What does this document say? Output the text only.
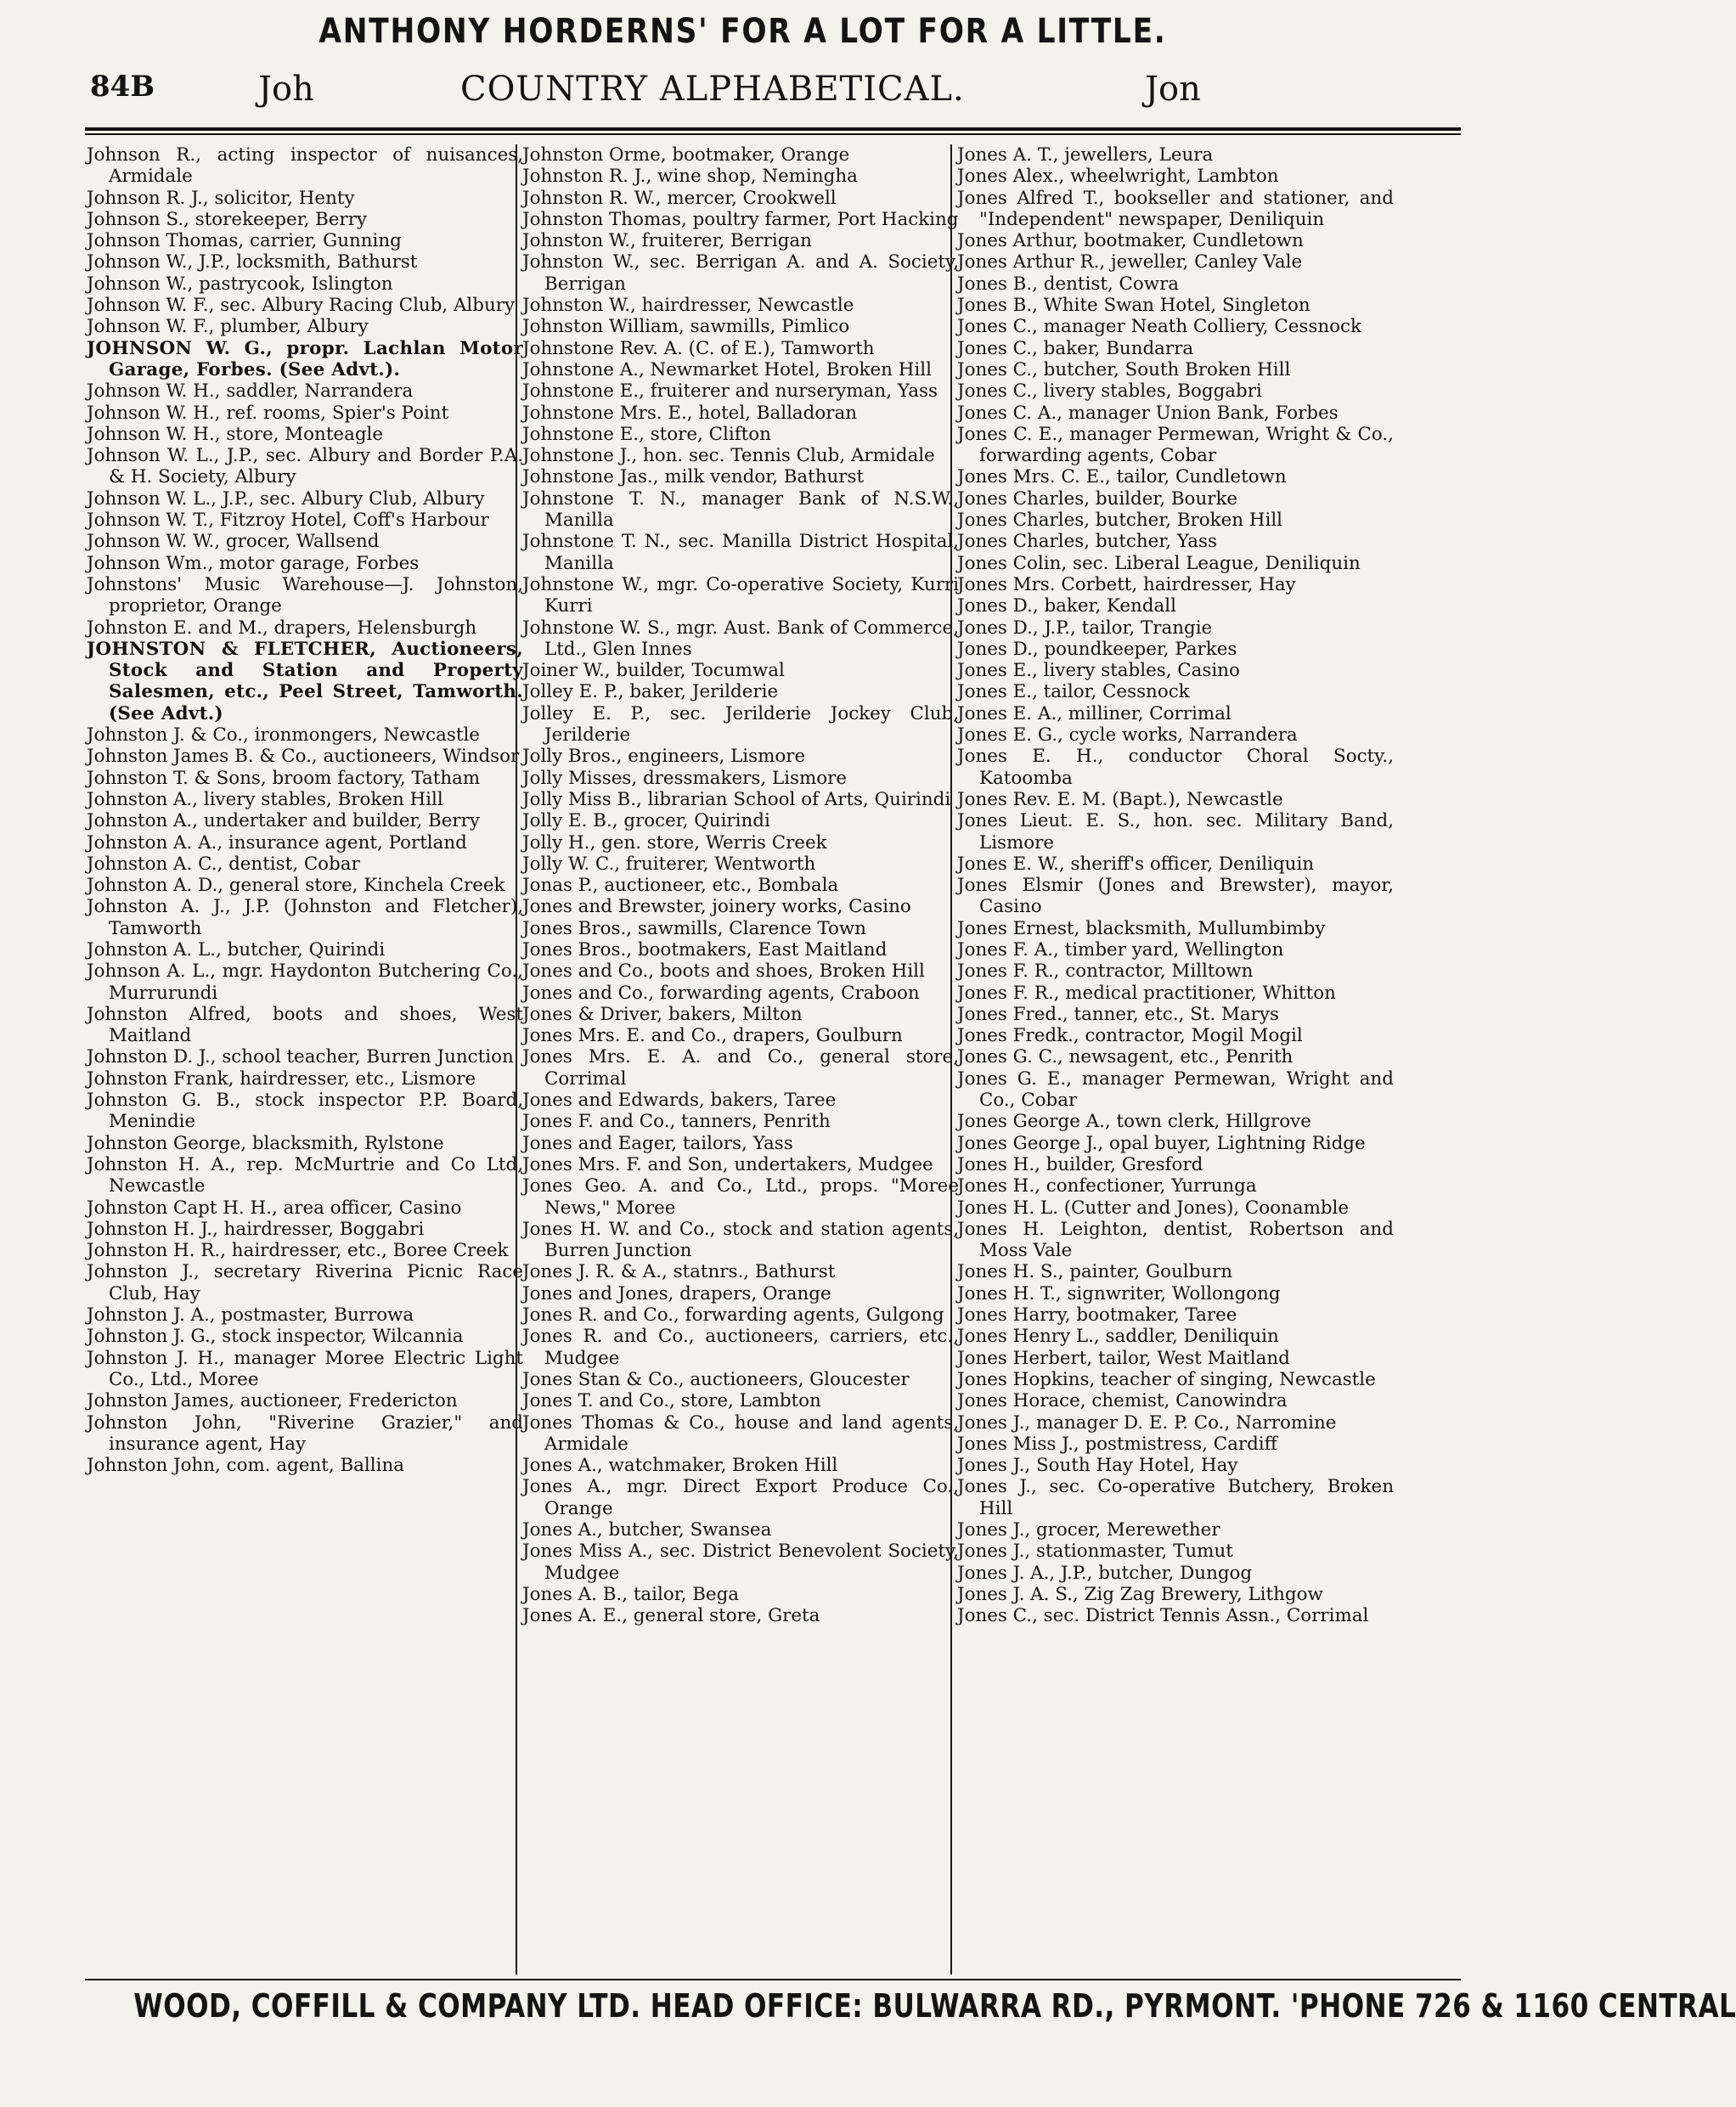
ANTHONY HORDERNS' FOR A LOT FOR A LITTLE.
84B	Joh	COUNTRY ALPHABETICAL.	Jon

Johnson R., acting inspector of nuisances, Armidale

Johnson R. J., solicitor, Henty

Johnson S., storekeeper, Berry

Johnson Thomas, carrier, Gunning

Johnson W., J.P., locksmith, Bathurst

Johnson W., pastrycook, Islington

Johnson W. F., sec. Albury Racing Club, Albury

Johnson W. F., plumber, Albury

JOHNSON W. G., propr. Lachlan Motor Garage, Forbes. (See Advt.).

Johnson W. H., saddler, Narrandera

Johnson W. H., ref. rooms, Spier's Point

Johnson W. H., store, Monteagle

Johnson W. L., J.P., sec. Albury and Border P.A. & H. Society, Albury

Johnson W. L., J.P., sec. Albury Club, Albury

Johnson W. T., Fitzroy Hotel, Coff's Harbour

Johnson W. W., grocer, Wallsend

Johnson Wm., motor garage, Forbes

Johnstons' Music Warehouse—J. Johnston, proprietor, Orange

Johnston E. and M., drapers, Helensburgh

JOHNSTON & FLETCHER, Auctioneers, Stock and Station and Property Salesmen, etc., Peel Street, Tamworth. (See Advt.)

Johnston J. & Co., ironmongers, Newcastle

Johnston James B. & Co., auctioneers, Windsor

Johnston T. & Sons, broom factory, Tatham

Johnston A., livery stables, Broken Hill

Johnston A., undertaker and builder, Berry

Johnston A. A., insurance agent, Portland

Johnston A. C., dentist, Cobar

Johnston A. D., general store, Kinchela Creek

Johnston A. J., J.P. (Johnston and Fletcher), Tamworth

Johnston A. L., butcher, Quirindi

Johnson A. L., mgr. Haydonton Butchering Co., Murrurundi

Johnston Alfred, boots and shoes, West Maitland

Johnston D. J., school teacher, Burren Junction

Johnston Frank, hairdresser, etc., Lismore

Johnston G. B., stock inspector P.P. Board, Menindie

Johnston George, blacksmith, Rylstone

Johnston H. A., rep. McMurtrie and Co Ltd, Newcastle

Johnston Capt H. H., area officer, Casino

Johnston H. J., hairdresser, Boggabri

Johnston H. R., hairdresser, etc., Boree Creek

Johnston J., secretary Riverina Picnic Race Club, Hay

Johnston J. A., postmaster, Burrowa

Johnston J. G., stock inspector, Wilcannia

Johnston J. H., manager Moree Electric Light Co., Ltd., Moree

Johnston James, auctioneer, Fredericton

Johnston John, "Riverine Grazier," and insurance agent, Hay

Johnston John, com. agent, Ballina

Johnston Orme, bootmaker, Orange

Johnston R. J., wine shop, Nemingha

Johnston R. W., mercer, Crookwell

Johnston Thomas, poultry farmer, Port Hacking

Johnston W., fruiterer, Berrigan

Johnston W., sec. Berrigan A. and A. Society, Berrigan

Johnston W., hairdresser, Newcastle

Johnston William, sawmills, Pimlico

Johnstone Rev. A. (C. of E.), Tamworth

Johnstone A., Newmarket Hotel, Broken Hill

Johnstone E., fruiterer and nurseryman, Yass

Johnstone Mrs. E., hotel, Balladoran

Johnstone E., store, Clifton

Johnstone J., hon. sec. Tennis Club, Armidale

Johnstone Jas., milk vendor, Bathurst

Johnstone T. N., manager Bank of N.S.W., Manilla

Johnstone T. N., sec. Manilla District Hospital, Manilla

Johnstone W., mgr. Co-operative Society, Kurri Kurri

Johnstone W. S., mgr. Aust. Bank of Commerce, Ltd., Glen Innes

Joiner W., builder, Tocumwal

Jolley E. P., baker, Jerilderie

Jolley E. P., sec. Jerilderie Jockey Club, Jerilderie

Jolly Bros., engineers, Lismore

Jolly Misses, dressmakers, Lismore

Jolly Miss B., librarian School of Arts, Quirindi

Jolly E. B., grocer, Quirindi

Jolly H., gen. store, Werris Creek

Jolly W. C., fruiterer, Wentworth

Jonas P., auctioneer, etc., Bombala

Jones and Brewster, joinery works, Casino

Jones Bros., sawmills, Clarence Town

Jones Bros., bootmakers, East Maitland

Jones and Co., boots and shoes, Broken Hill

Jones and Co., forwarding agents, Craboon

Jones & Driver, bakers, Milton

Jones Mrs. E. and Co., drapers, Goulburn

Jones Mrs. E. A. and Co., general store, Corrimal

Jones and Edwards, bakers, Taree

Jones F. and Co., tanners, Penrith

Jones and Eager, tailors, Yass

Jones Mrs. F. and Son, undertakers, Mudgee

Jones Geo. A. and Co., Ltd., props. "Moree News," Moree

Jones H. W. and Co., stock and station agents, Burren Junction

Jones J. R. & A., statnrs., Bathurst

Jones and Jones, drapers, Orange

Jones R. and Co., forwarding agents, Gulgong

Jones R. and Co., auctioneers, carriers, etc., Mudgee

Jones Stan & Co., auctioneers, Gloucester

Jones T. and Co., store, Lambton

Jones Thomas & Co., house and land agents, Armidale

Jones A., watchmaker, Broken Hill

Jones A., mgr. Direct Export Produce Co., Orange

Jones A., butcher, Swansea

Jones Miss A., sec. District Benevolent Society, Mudgee

Jones A. B., tailor, Bega

Jones A. E., general store, Greta

Jones A. T., jewellers, Leura

Jones Alex., wheelwright, Lambton

Jones Alfred T., bookseller and stationer, and "Independent" newspaper, Deniliquin

Jones Arthur, bootmaker, Cundletown

Jones Arthur R., jeweller, Canley Vale

Jones B., dentist, Cowra

Jones B., White Swan Hotel, Singleton

Jones C., manager Neath Colliery, Cessnock

Jones C., baker, Bundarra

Jones C., butcher, South Broken Hill

Jones C., livery stables, Boggabri

Jones C. A., manager Union Bank, Forbes

Jones C. E., manager Permewan, Wright & Co., forwarding agents, Cobar

Jones Mrs. C. E., tailor, Cundletown

Jones Charles, builder, Bourke

Jones Charles, butcher, Broken Hill

Jones Charles, butcher, Yass

Jones Colin, sec. Liberal League, Deniliquin

Jones Mrs. Corbett, hairdresser, Hay

Jones D., baker, Kendall

Jones D., J.P., tailor, Trangie

Jones D., poundkeeper, Parkes

Jones E., livery stables, Casino

Jones E., tailor, Cessnock

Jones E. A., milliner, Corrimal

Jones E. G., cycle works, Narrandera

Jones E. H., conductor Choral Socty., Katoomba

Jones Rev. E. M. (Bapt.), Newcastle

Jones Lieut. E. S., hon. sec. Military Band, Lismore

Jones E. W., sheriff's officer, Deniliquin

Jones Elsmir (Jones and Brewster), mayor, Casino

Jones Ernest, blacksmith, Mullumbimby

Jones F. A., timber yard, Wellington

Jones F. R., contractor, Milltown

Jones F. R., medical practitioner, Whitton

Jones Fred., tanner, etc., St. Marys

Jones Fredk., contractor, Mogil Mogil

Jones G. C., newsagent, etc., Penrith

Jones G. E., manager Permewan, Wright and Co., Cobar

Jones George A., town clerk, Hillgrove

Jones George J., opal buyer, Lightning Ridge

Jones H., builder, Gresford

Jones H., confectioner, Yurrunga

Jones H. L. (Cutter and Jones), Coonamble

Jones H. Leighton, dentist, Robertson and Moss Vale

Jones H. S., painter, Goulburn

Jones H. T., signwriter, Wollongong

Jones Harry, bootmaker, Taree

Jones Henry L., saddler, Deniliquin

Jones Herbert, tailor, West Maitland

Jones Hopkins, teacher of singing, Newcastle

Jones Horace, chemist, Canowindra

Jones J., manager D. E. P. Co., Narromine

Jones Miss J., postmistress, Cardiff

Jones J., South Hay Hotel, Hay

Jones J., sec. Co-operative Butchery, Broken Hill

Jones J., grocer, Merewether

Jones J., stationmaster, Tumut

Jones J. A., J.P., butcher, Dungog

Jones J. A. S., Zig Zag Brewery, Lithgow

Jones C., sec. District Tennis Assn., Corrimal

WOOD, COFFILL & COMPANY LTD. HEAD OFFICE: BULWARRA RD., PYRMONT. 'PHONE 726 & 1160 CENTRAL
